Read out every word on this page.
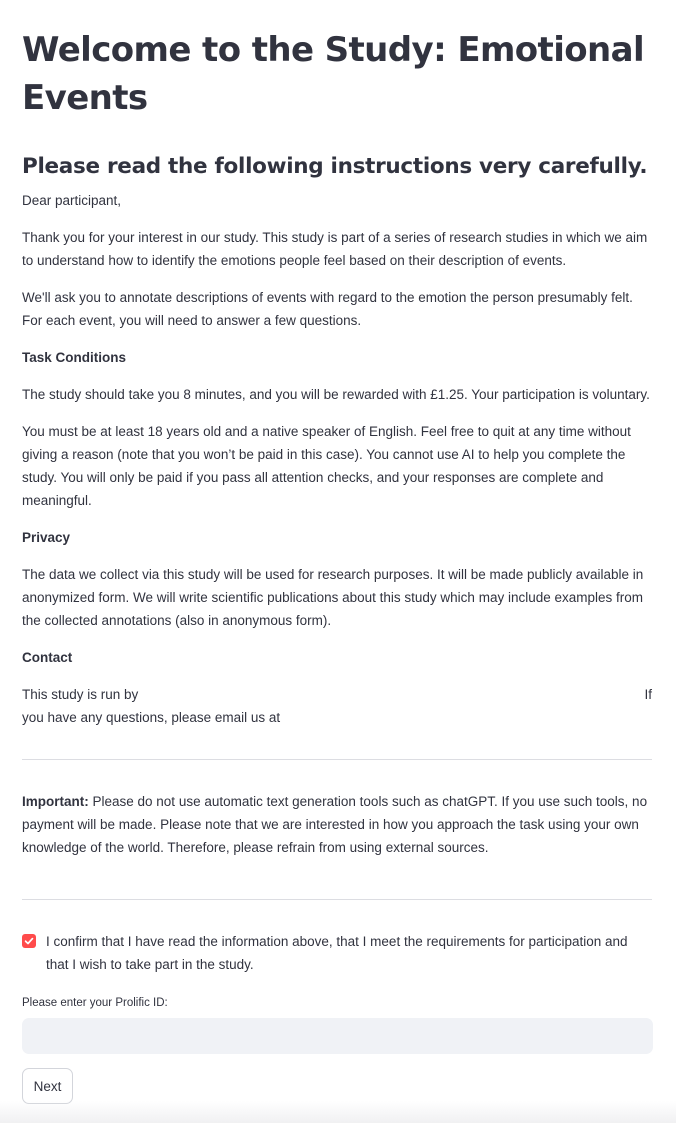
Welcome to the Study: Emotional Events
Please read the following instructions very carefully.

Dear participant,

Thank you for your interest in our study. This study is part of a series of research studies in which we aim to understand how to identify the emotions people feel based on their description of events.

We'll ask you to annotate descriptions of events with regard to the emotion the person presumably felt. For each event, you will need to answer a few questions.

Task Conditions

The study should take you 8 minutes, and you will be rewarded with £1.25. Your participation is voluntary.

You must be at least 18 years old and a native speaker of English. Feel free to quit at any time without giving a reason (note that you won’t be paid in this case). You cannot use AI to help you complete the study. You will only be paid if you pass all attention checks, and your responses are complete and meaningful.

Privacy

The data we collect via this study will be used for research purposes. It will be made publicly available in anonymized form. We will write scientific publications about this study which may include examples from the collected annotations (also in anonymous form).

Contact

This study is run by	If

you have any questions, please email us at

Important: Please do not use automatic text generation tools such as chatGPT. If you use such tools, no payment will be made. Please note that we are interested in how you approach the task using your own knowledge of the world. Therefore, please refrain from using external sources.

I confirm that I have read the information above, that I meet the requirements for participation and that I wish to take part in the study.

Please enter your Prolific ID:
Next
